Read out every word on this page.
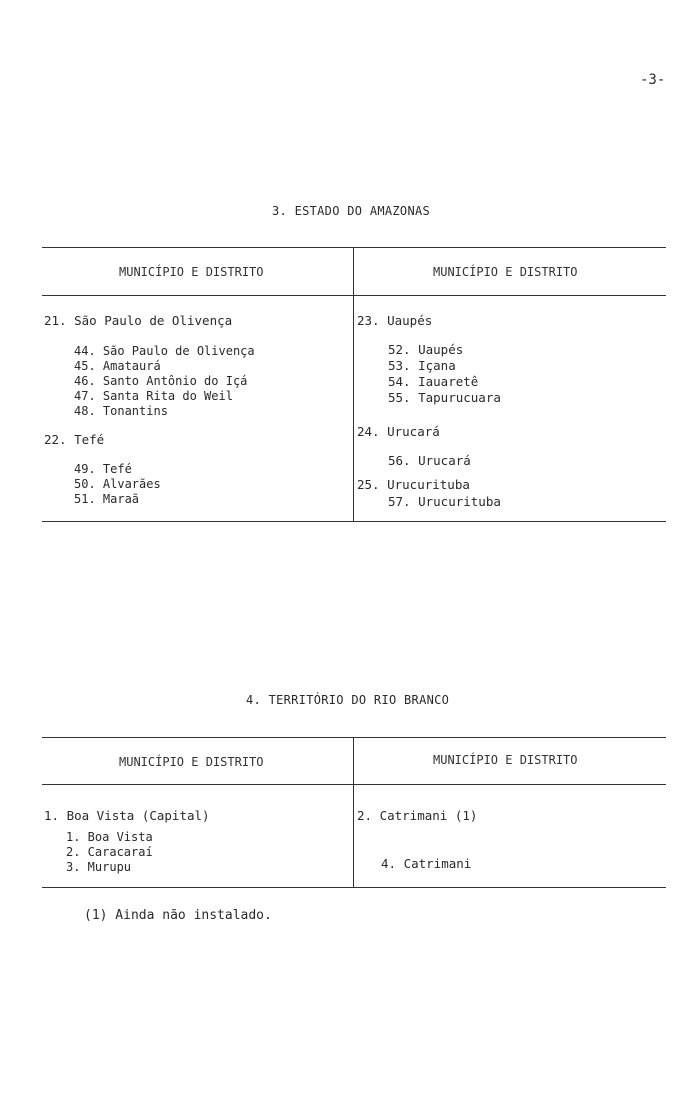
-3-
3. ESTADO DO AMAZONAS
MUNICÍPIO E DISTRITO	MUNICÍPIO E DISTRITO
21. São Paulo de Olivença
44. São Paulo de Olivença
45. Amataurá
46. Santo Antônio do Içá
47. Santa Rita do Weil
48. Tonantins
22. Tefé
49. Tefé
50. Alvarães
51. Maraã
23. Uaupés
52. Uaupés
53. Içana
54. Iauaretê
55. Tapurucuara
24. Urucará
56. Urucará
25. Urucurituba
57. Urucurituba
4. TERRITÓRIO DO RIO BRANCO
MUNICÍPIO E DISTRITO	MUNICÍPIO E DISTRITO
1. Boa Vista (Capital)
1. Boa Vista
2. Caracaraí
3. Murupu
2. Catrimani (1)
4. Catrimani
(1) Ainda não instalado.
